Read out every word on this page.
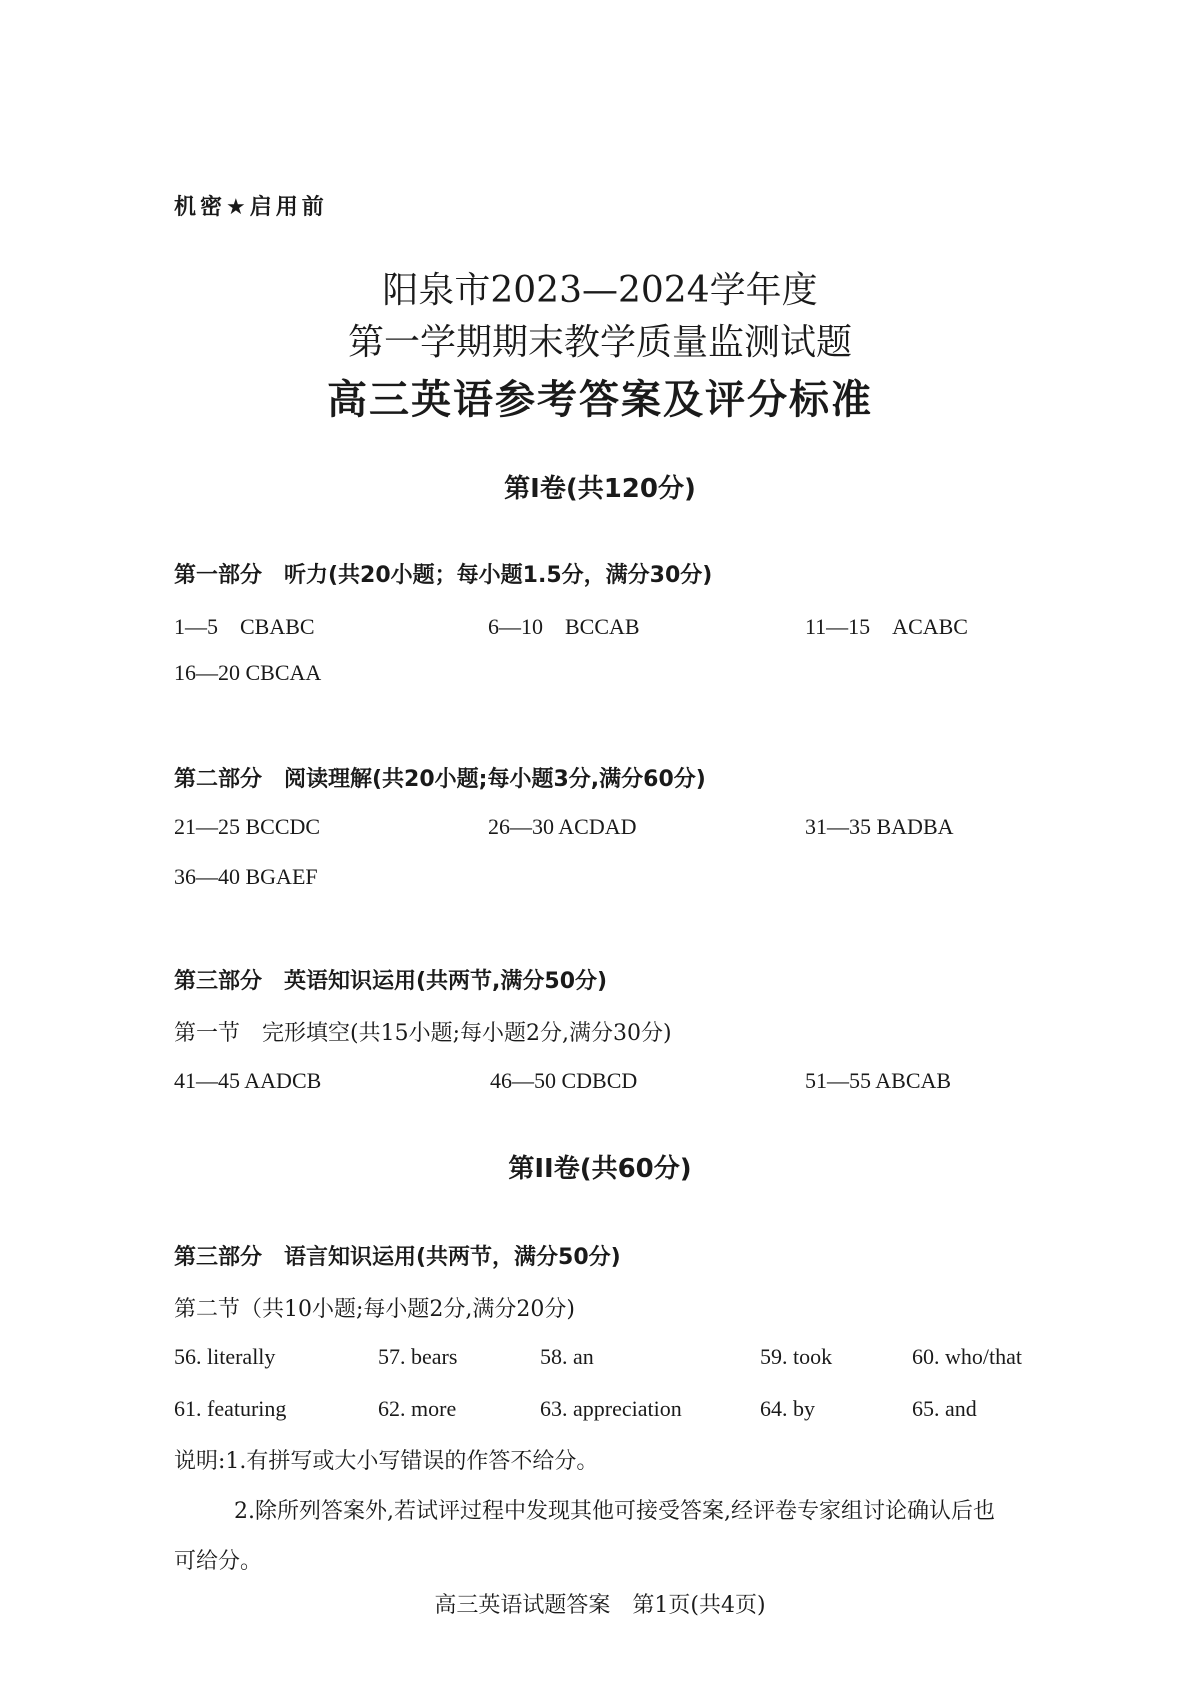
机密★启用前
阳泉市2023—2024学年度
第一学期期末教学质量监测试题
高三英语参考答案及评分标准
第I卷(共120分)
第一部分　听力(共20小题；每小题1.5分，满分30分)
1—5　CBABC	6—10　BCCAB	11—15　ACABC
16—20 CBCAA
第二部分　阅读理解(共20小题;每小题3分,满分60分)
21—25 BCCDC	26—30 ACDAD	31—35 BADBA
36—40 BGAEF
第三部分　英语知识运用(共两节,满分50分)
第一节　完形填空(共15小题;每小题2分,满分30分)
41—45 AADCB	46—50 CDBCD	51—55 ABCAB
第II卷(共60分)
第三部分　语言知识运用(共两节，满分50分)
第二节（共10小题;每小题2分,满分20分)
56. literally	57. bears	58. an	59. took	60. who/that
61. featuring	62. more	63. appreciation	64. by	65. and
说明:1.有拼写或大小写错误的作答不给分。
2.除所列答案外,若试评过程中发现其他可接受答案,经评卷专家组讨论确认后也
可给分。
高三英语试题答案　第1页(共4页)
